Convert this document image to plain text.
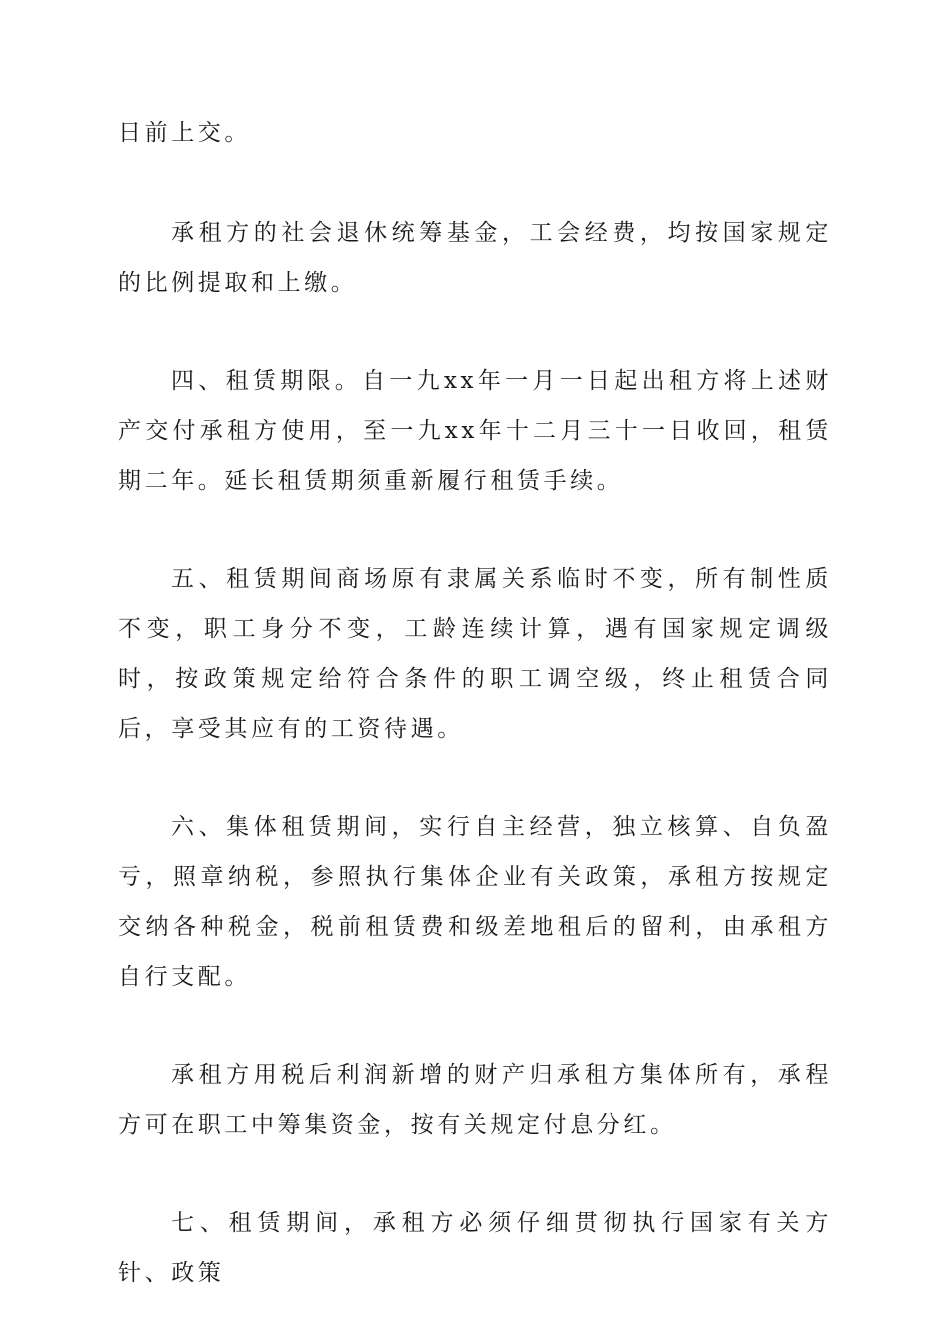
日前上交。

承租方的社会退休统筹基金，工会经费，均按国家规定的比例提取和上缴。

四、租赁期限。自一九xx年一月一日起出租方将上述财产交付承租方使用，至一九xx年十二月三十一日收回，租赁期二年。延长租赁期须重新履行租赁手续。

五、租赁期间商场原有隶属关系临时不变，所有制性质不变，职工身分不变，工龄连续计算，遇有国家规定调级时，按政策规定给符合条件的职工调空级，终止租赁合同后，享受其应有的工资待遇。

六、集体租赁期间，实行自主经营，独立核算、自负盈亏，照章纳税，参照执行集体企业有关政策，承租方按规定交纳各种税金，税前租赁费和级差地租后的留利，由承租方自行支配。

承租方用税后利润新增的财产归承租方集体所有，承程方可在职工中筹集资金，按有关规定付息分红。

七、租赁期间，承租方必须仔细贯彻执行国家有关方针、政策
